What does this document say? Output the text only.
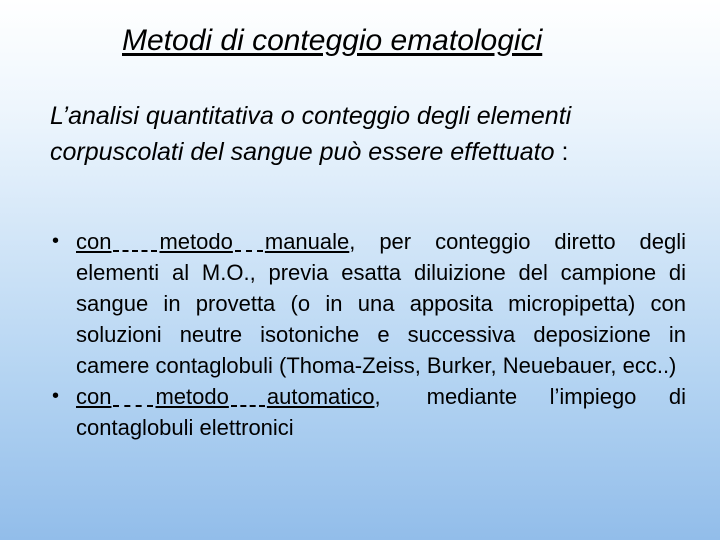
Metodi di conteggio ematologici

L’analisi quantitativa o conteggio degli elementi corpuscolati del sangue può essere effettuato :

• con metodo manuale, per conteggio diretto degli elementi al M.O., previa esatta diluizione del campione di sangue in provetta (o in una apposita micropipetta) con soluzioni neutre isotoniche e successiva deposizione in camere contaglobuli (Thoma-Zeiss, Burker, Neuebauer, ecc..)
• con metodo automatico, mediante l’impiego di contaglobuli elettronici
